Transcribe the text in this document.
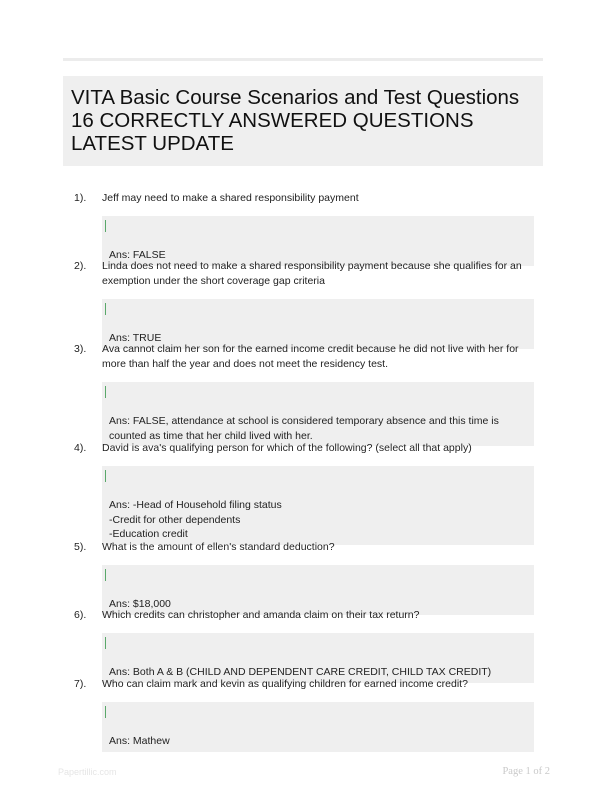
VITA Basic Course Scenarios and Test Questions 16 CORRECTLY ANSWERED QUESTIONS LATEST UPDATE
1). Jeff may need to make a shared responsibility payment

Ans: FALSE

2). Linda does not need to make a shared responsibility payment because she qualifies for an exemption under the short coverage gap criteria

Ans: TRUE

3). Ava cannot claim her son for the earned income credit because he did not live with her for more than half the year and does not meet the residency test.

Ans: FALSE, attendance at school is considered temporary absence and this time is counted as time that her child lived with her.

4). David is ava's qualifying person for which of the following? (select all that apply)

Ans: -Head of Household filing status
-Credit for other dependents
-Education credit

5). What is the amount of ellen's standard deduction?

Ans: $18,000

6). Which credits can christopher and amanda claim on their tax return?

Ans: Both A & B (CHILD AND DEPENDENT CARE CREDIT, CHILD TAX CREDIT)

7). Who can claim mark and kevin as qualifying children for earned income credit?

Ans: Mathew

Papertillic.com	Page 1 of 2
